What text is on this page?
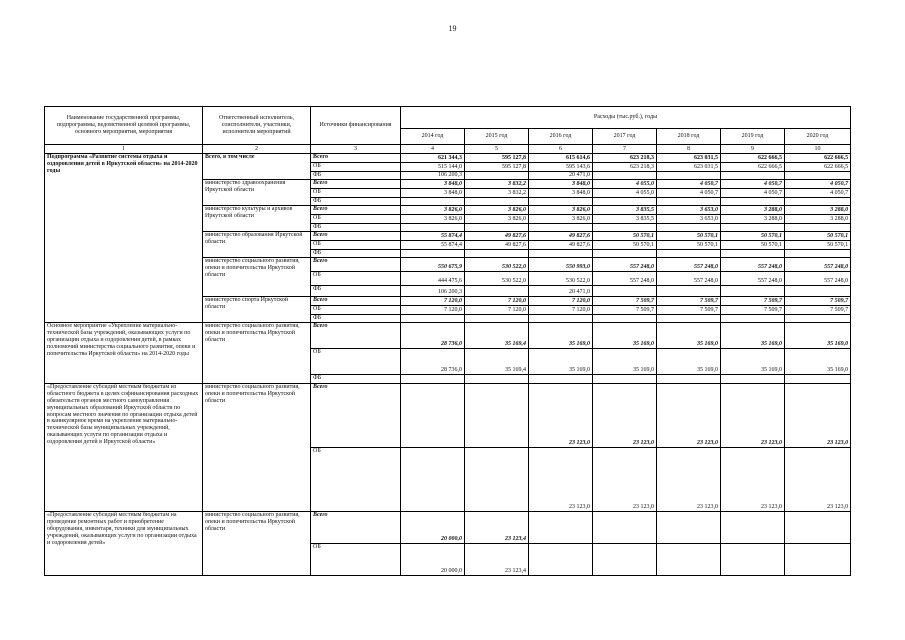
19
Наименование государственной программы, подпрограммы, ведомственной целевой программы, основного мероприятия, мероприятия	Ответственный исполнитель, соисполнители, участники, исполнители мероприятий	Источники финансирования	Расходы (тыс.руб.), годы						
			2014 год	2015 год	2016 год	2017 год	2018 год	2019 год	2020 год
1	2	3	4	5	6	7	8	9	10
Подпрограмма «Развитие системы отдыха и оздоровления детей в Иркутской области» на 2014-2020 годы	Всего, в том числе	Всего	621 344,3	595 127,8	615 614,6	623 218,3	623 031,5	622 666,5	622 666,5
		ОБ	515 144,0	595 127,8	595 143,6	623 218,3	623 031,5	622 666,5	622 666,5
		ФБ	106 200,3		20 471,0				
	министерство здравоохранения Иркутской области	Всего	3 848,0	3 832,2	3 848,0	4 055,0	4 050,7	4 050,7	4 050,7
		ОБ	3 848,0	3 832,2	3 848,0	4 055,0	4 050,7	4 050,7	4 050,7
		ФБ							
	министерство культуры и архивов Иркутской области	Всего	3 826,0	3 826,0	3 826,0	3 835,5	3 653,0	3 288,0	3 288,0
		ОБ	3 826,0	3 826,0	3 826,0	3 835,5	3 653,0	3 288,0	3 288,0
		ФБ							
	министерство образования Иркутской области	Всего	55 874,4	49 827,6	49 827,6	50 570,1	50 570,1	50 570,1	50 570,1
		ОБ	55 874,4	49 827,6	49 827,6	50 570,1	50 570,1	50 570,1	50 570,1
		ФБ							
	министерство социального развития, опеки и попечительства Иркутской области	Всего	550 675,9	530 522,0	550 993,0	557 248,0	557 248,0	557 248,0	557 248,0
		ОБ	444 475,6	530 522,0	530 522,0	557 248,0	557 248,0	557 248,0	557 248,0
		ФБ	106 200,3		20 471,0				
	министерство спорта Иркутской области	Всего	7 120,0	7 120,0	7 120,0	7 509,7	7 509,7	7 509,7	7 509,7
		ОБ	7 120,0	7 120,0	7 120,0	7 509,7	7 509,7	7 509,7	7 509,7
		ФБ							
Основное мероприятие «Укрепление материально-технической базы учреждений, оказывающих услуги по организации отдыха и оздоровления детей, в рамках полномочий министерства социального развития, опеки и попечительства Иркутской области» на 2014-2020 годы	министерство социального развития, опеки и попечительства Иркутской области	Всего	28 736,0	35 169,4	35 169,0	35 169,0	35 169,0	35 169,0	35 169,0
		ОБ	28 736,0	35 169,4	35 169,0	35 169,0	35 169,0	35 169,0	35 169,0
		ФБ							
«Предоставление субсидий местным бюджетам из областного бюджета в целях софинансирования расходных обязательств органов местного самоуправления муниципальных образований Иркутской области по вопросам местного значения по организации отдыха детей в каникулярное время на укрепление материально-технической базы муниципальных учреждений, оказывающих услуги по организации отдыха и оздоровления детей в Иркутской области»	министерство социального развития, опеки и попечительства Иркутской области	Всего			23 123,0	23 123,0	23 123,0	23 123,0	23 123,0
		ОБ			23 123,0	23 123,0	23 123,0	23 123,0	23 123,0
«Предоставление субсидий местным бюджетам на проведение ремонтных работ и приобретение оборудования, инвентаря, техники для муниципальных учреждений, оказывающих услуги по организации отдыха и оздоровления детей»	министерство социального развития, опеки и попечительства Иркутской области	Всего	20 000,0	23 123,4					
		ОБ	20 000,0	23 123,4					
